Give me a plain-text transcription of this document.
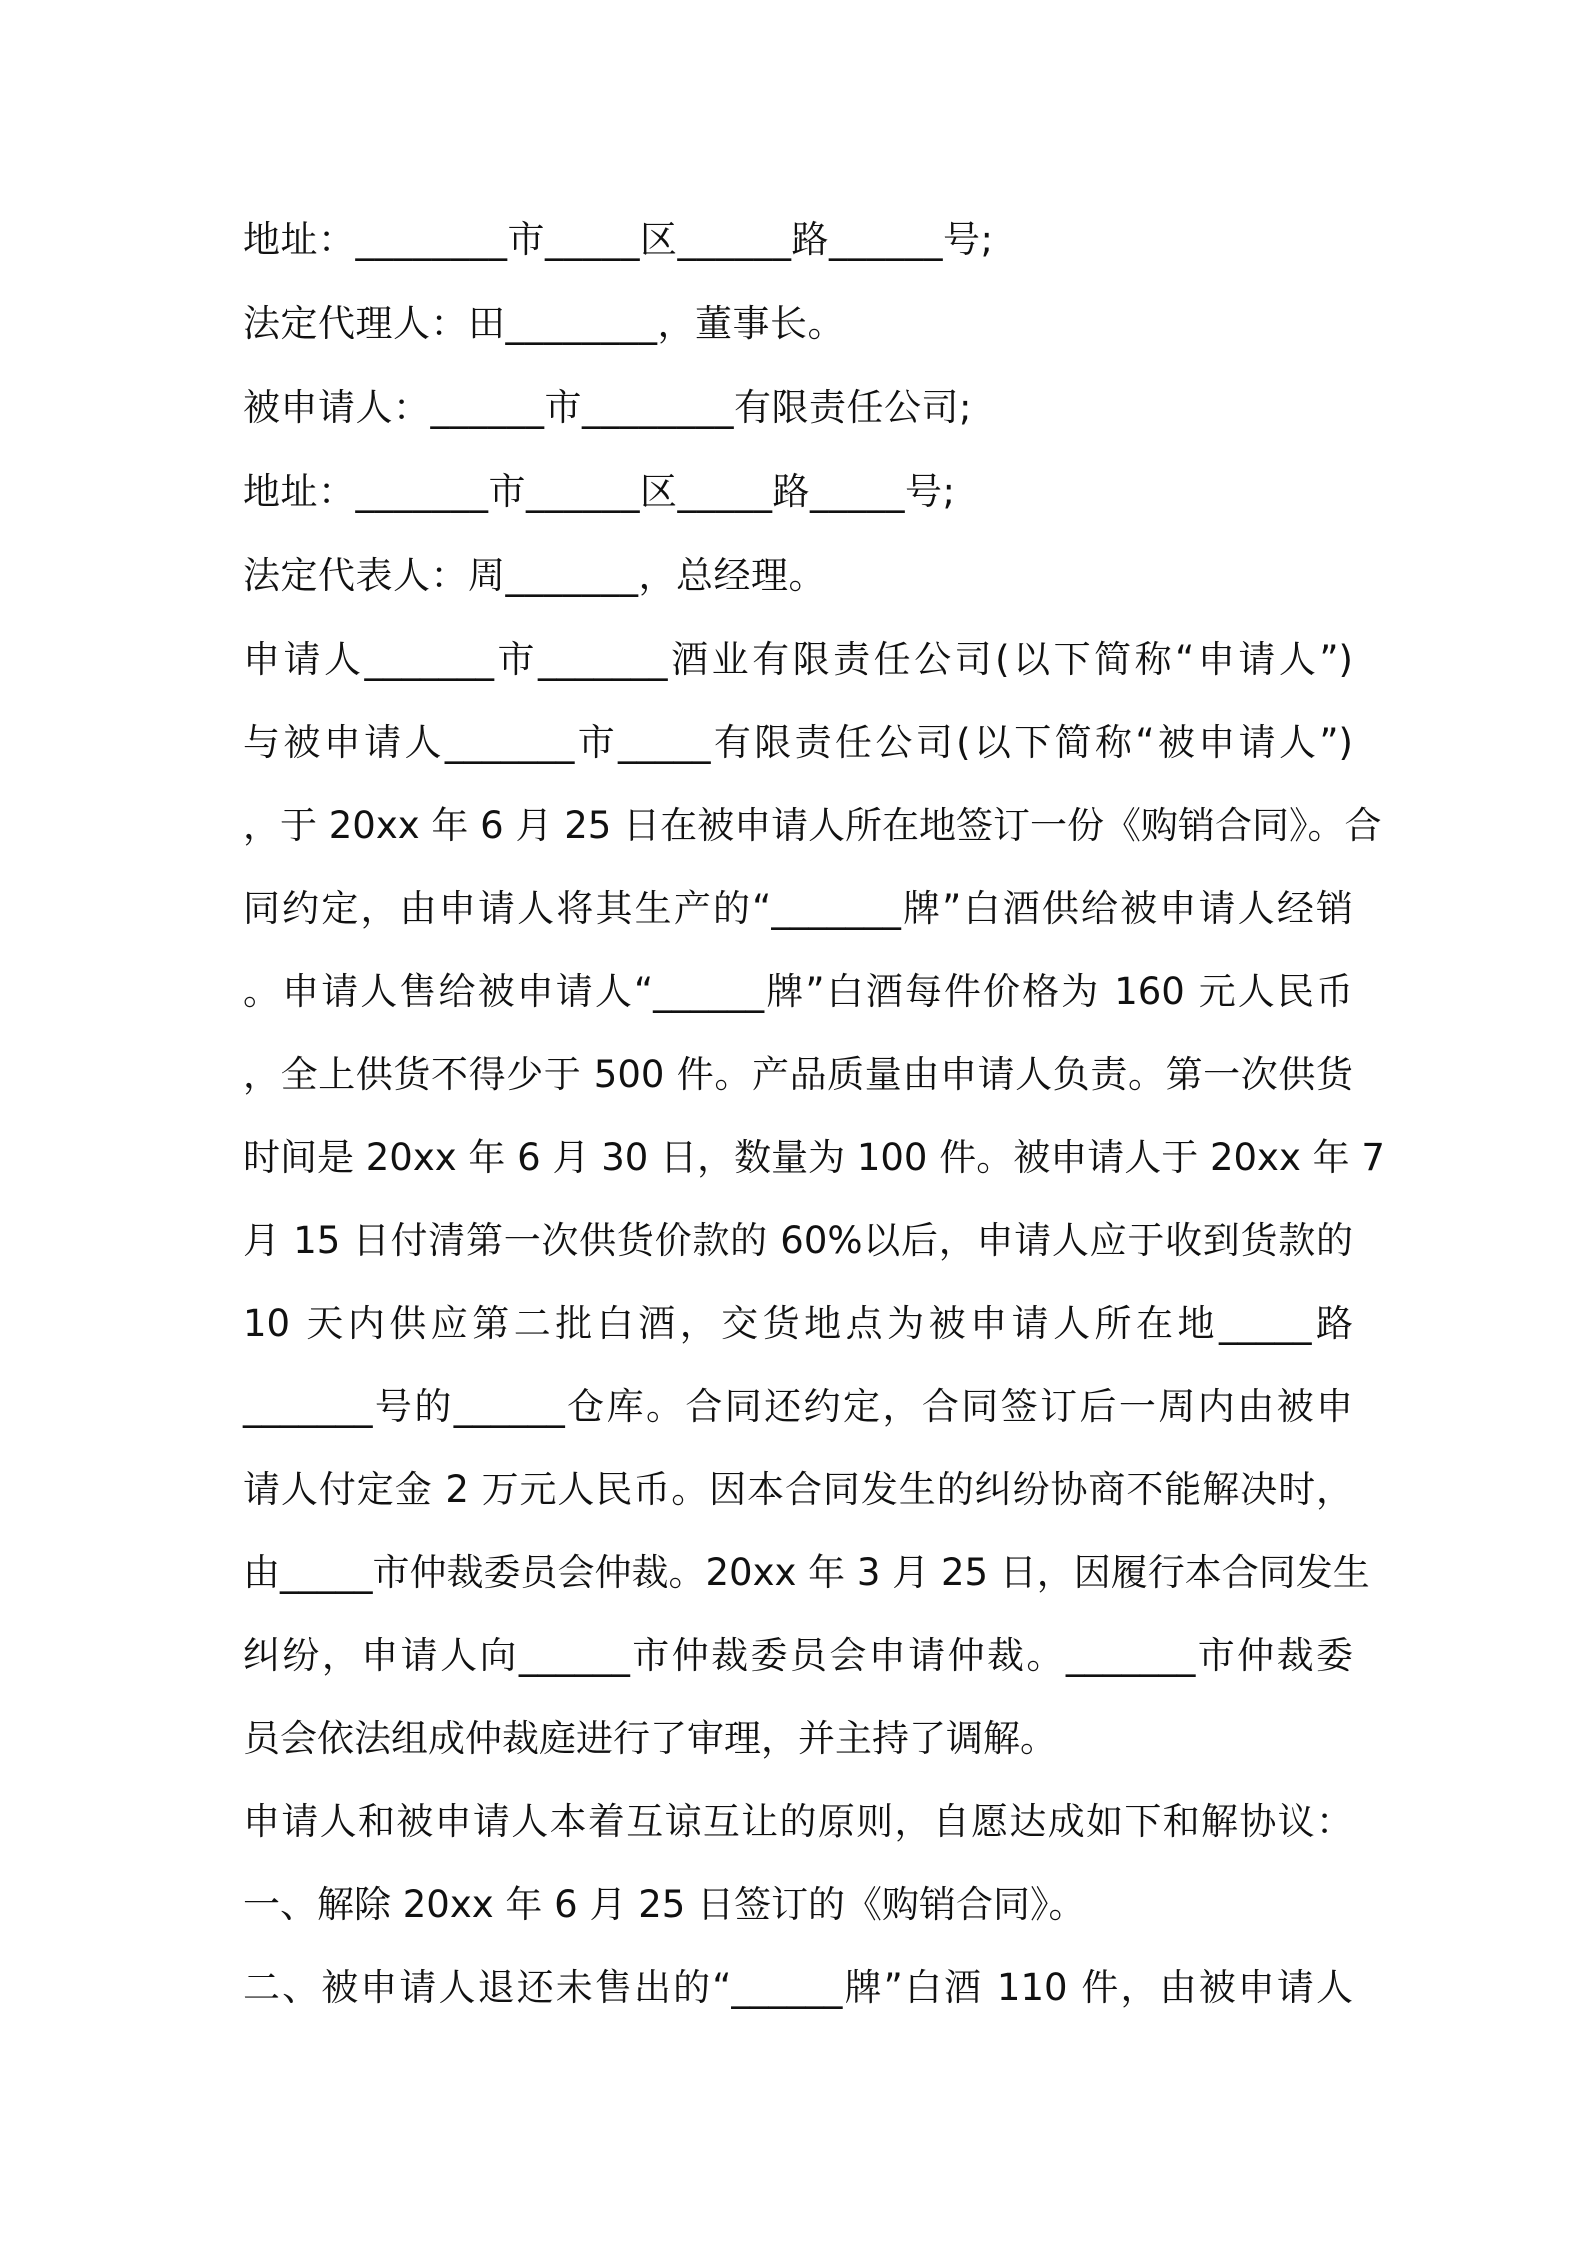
地址：________市_____区______路______号;
法定代理人：田________，董事长。
被申请人：______市________有限责任公司;
地址：_______市______区_____路_____号;
法定代表人：周_______，总经理。
申请人_______市_______酒业有限责任公司(以下简称“申请人”)
与被申请人_______市_____有限责任公司(以下简称“被申请人”)
，于 20xx 年 6 月 25 日在被申请人所在地签订一份《购销合同》。合
同约定，由申请人将其生产的“_______牌”白酒供给被申请人经销
。申请人售给被申请人“______牌”白酒每件价格为 160 元人民币
，全上供货不得少于 500 件。产品质量由申请人负责。第一次供货
时间是 20xx 年 6 月 30 日，数量为 100 件。被申请人于 20xx 年 7
月 15 日付清第一次供货价款的 60%以后，申请人应于收到货款的
10 天内供应第二批白酒，交货地点为被申请人所在地_____路
_______号的______仓库。合同还约定，合同签订后一周内由被申
请人付定金 2 万元人民币。因本合同发生的纠纷协商不能解决时，
由_____市仲裁委员会仲裁。20xx 年 3 月 25 日，因履行本合同发生
纠纷，申请人向______市仲裁委员会申请仲裁。_______市仲裁委
员会依法组成仲裁庭进行了审理，并主持了调解。
申请人和被申请人本着互谅互让的原则，自愿达成如下和解协议：
一、解除 20xx 年 6 月 25 日签订的《购销合同》。
二、被申请人退还未售出的“______牌”白酒 110 件，由被申请人
